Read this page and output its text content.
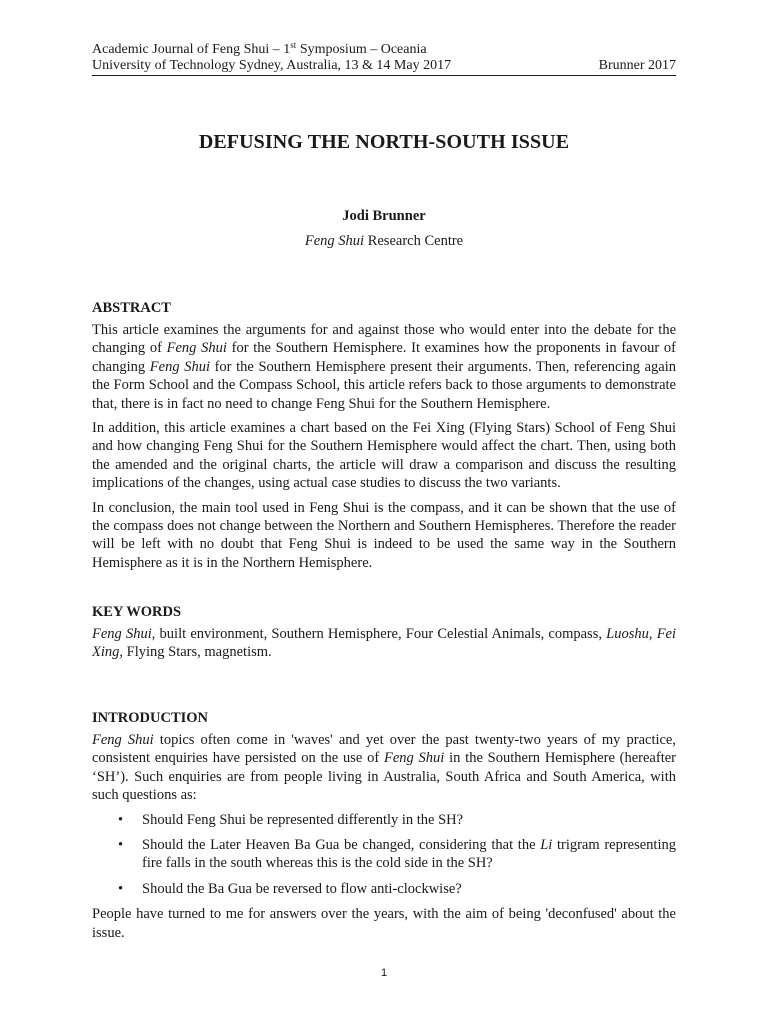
Academic Journal of Feng Shui – 1st Symposium – Oceania
University of Technology Sydney, Australia, 13 & 14 May 2017	Brunner 2017
DEFUSING THE NORTH-SOUTH ISSUE
Jodi Brunner
Feng Shui Research Centre
ABSTRACT

This article examines the arguments for and against those who would enter into the debate for the changing of Feng Shui for the Southern Hemisphere. It examines how the proponents in favour of changing Feng Shui for the Southern Hemisphere present their arguments. Then, referencing again the Form School and the Compass School, this article refers back to those arguments to demonstrate that, there is in fact no need to change Feng Shui for the Southern Hemisphere.

In addition, this article examines a chart based on the Fei Xing (Flying Stars) School of Feng Shui and how changing Feng Shui for the Southern Hemisphere would affect the chart. Then, using both the amended and the original charts, the article will draw a comparison and discuss the resulting implications of the changes, using actual case studies to discuss the two variants.

In conclusion, the main tool used in Feng Shui is the compass, and it can be shown that the use of the compass does not change between the Northern and Southern Hemispheres. Therefore the reader will be left with no doubt that Feng Shui is indeed to be used the same way in the Southern Hemisphere as it is in the Northern Hemisphere.

KEY WORDS

Feng Shui, built environment, Southern Hemisphere, Four Celestial Animals, compass, Luoshu, Fei Xing, Flying Stars, magnetism.

INTRODUCTION

Feng Shui topics often come in 'waves' and yet over the past twenty-two years of my practice, consistent enquiries have persisted on the use of Feng Shui in the Southern Hemisphere (hereafter ‘SH’). Such enquiries are from people living in Australia, South Africa and South America, with such questions as:

• Should Feng Shui be represented differently in the SH?
• Should the Later Heaven Ba Gua be changed, considering that the Li trigram representing fire falls in the south whereas this is the cold side in the SH?
• Should the Ba Gua be reversed to flow anti-clockwise?

People have turned to me for answers over the years, with the aim of being 'deconfused' about the issue.

1
